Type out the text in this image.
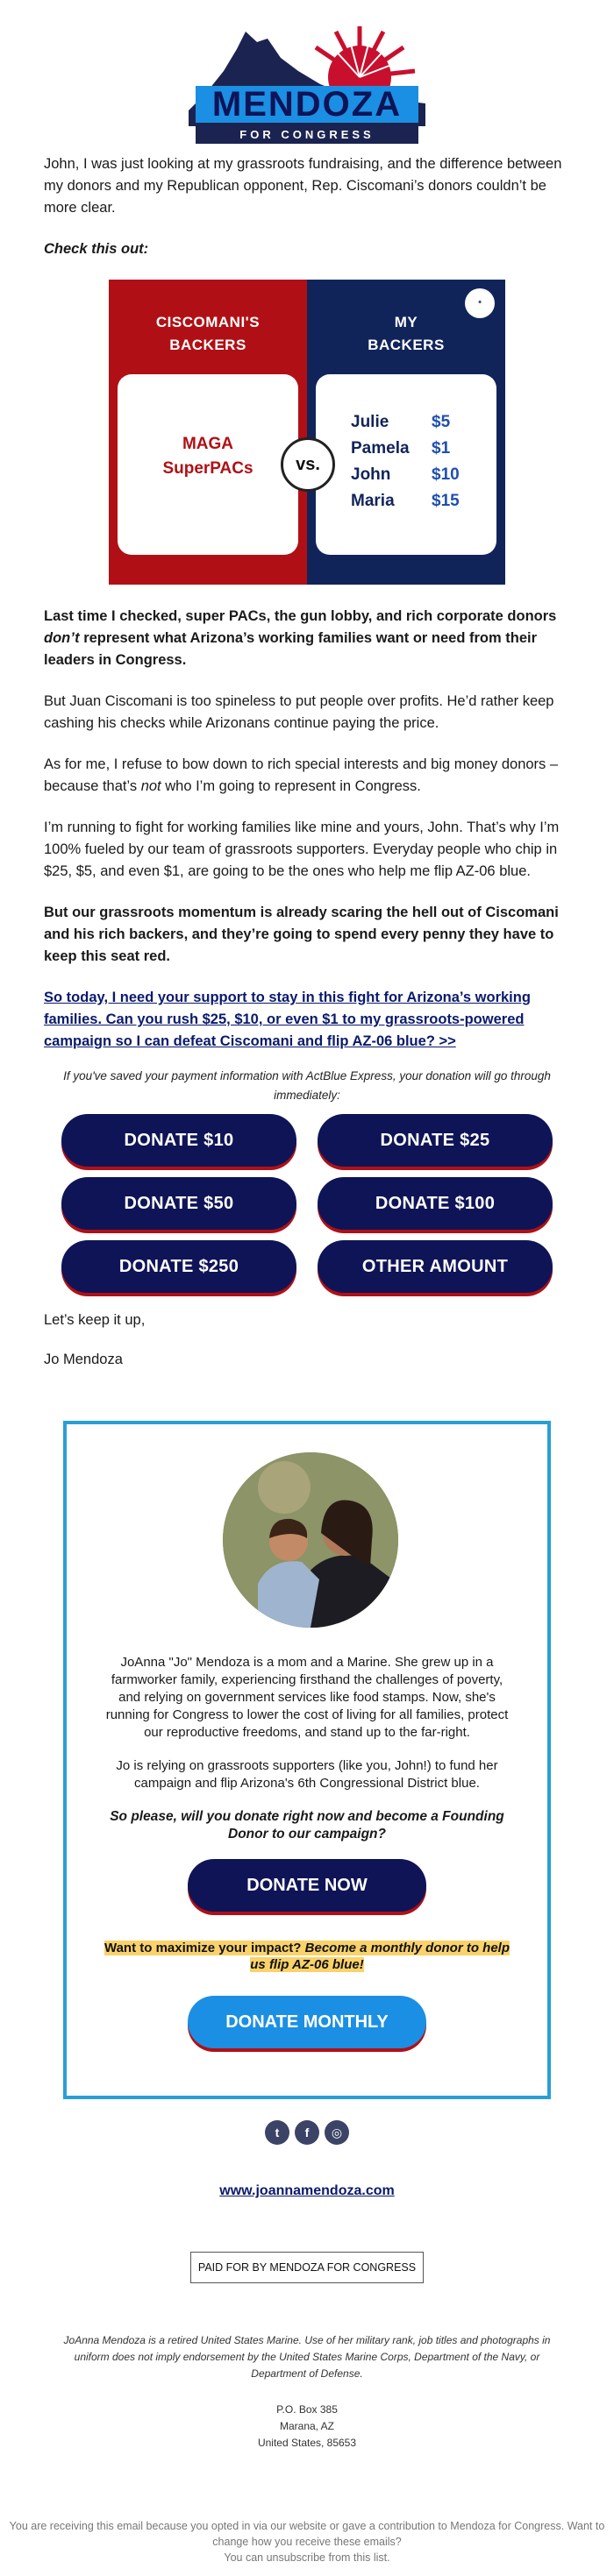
MENDOZA
FOR CONGRESS

John, I was just looking at my grassroots fundraising, and the difference between my donors and my Republican opponent, Rep. Ciscomani’s donors couldn’t be more clear.

Check this out:

CISCOMANI'S
BACKERS
MAGA
SuperPACs
✦
MY
BACKERS
Julie	$5
Pamela $1
John $10
Maria $15
vs.

Last time I checked, super PACs, the gun lobby, and rich corporate donors don’t represent what Arizona’s working families want or need from their leaders in Congress.

But Juan Ciscomani is too spineless to put people over profits. He’d rather keep cashing his checks while Arizonans continue paying the price.

As for me, I refuse to bow down to rich special interests and big money donors – because that’s not who I’m going to represent in Congress.

I’m running to fight for working families like mine and yours, John. That’s why I’m 100% fueled by our team of grassroots supporters. Everyday people who chip in $25, $5, and even $1, are going to be the ones who help me flip AZ-06 blue.

But our grassroots momentum is already scaring the hell out of Ciscomani and his rich backers, and they’re going to spend every penny they have to keep this seat red.

So today, I need your support to stay in this fight for Arizona’s working families. Can you rush $25, $10, or even $1 to my grassroots-powered campaign so I can defeat Ciscomani and flip AZ-06 blue? >>

If you've saved your payment information with ActBlue Express, your donation will go through immediately:
DONATE $10	DONATE $25
DONATE $50	DONATE $100
DONATE $250	OTHER AMOUNT

Let’s keep it up,

Jo Mendoza

JoAnna "Jo" Mendoza is a mom and a Marine. She grew up in a farmworker family, experiencing firsthand the challenges of poverty, and relying on government services like food stamps. Now, she's running for Congress to lower the cost of living for all families, protect our reproductive freedoms, and stand up to the far-right.

Jo is relying on grassroots supporters (like you, John!) to fund her campaign and flip Arizona's 6th Congressional District blue.

So please, will you donate right now and become a Founding Donor to our campaign?

DONATE NOW
Want to maximize your impact? Become a monthly donor to help us flip AZ-06 blue!
DONATE MONTHLY
t	f	◎
www.joannamendoza.com
PAID FOR BY MENDOZA FOR CONGRESS
JoAnna Mendoza is a retired United States Marine. Use of her military rank, job titles and photographs in uniform does not imply endorsement by the United States Marine Corps, Department of the Navy, or Department of Defense.
P.O. Box 385
Marana, AZ
United States, 85653

You are receiving this email because you opted in via our website or gave a contribution to Mendoza for Congress. Want to change how you receive these emails?

You can unsubscribe from this list.
